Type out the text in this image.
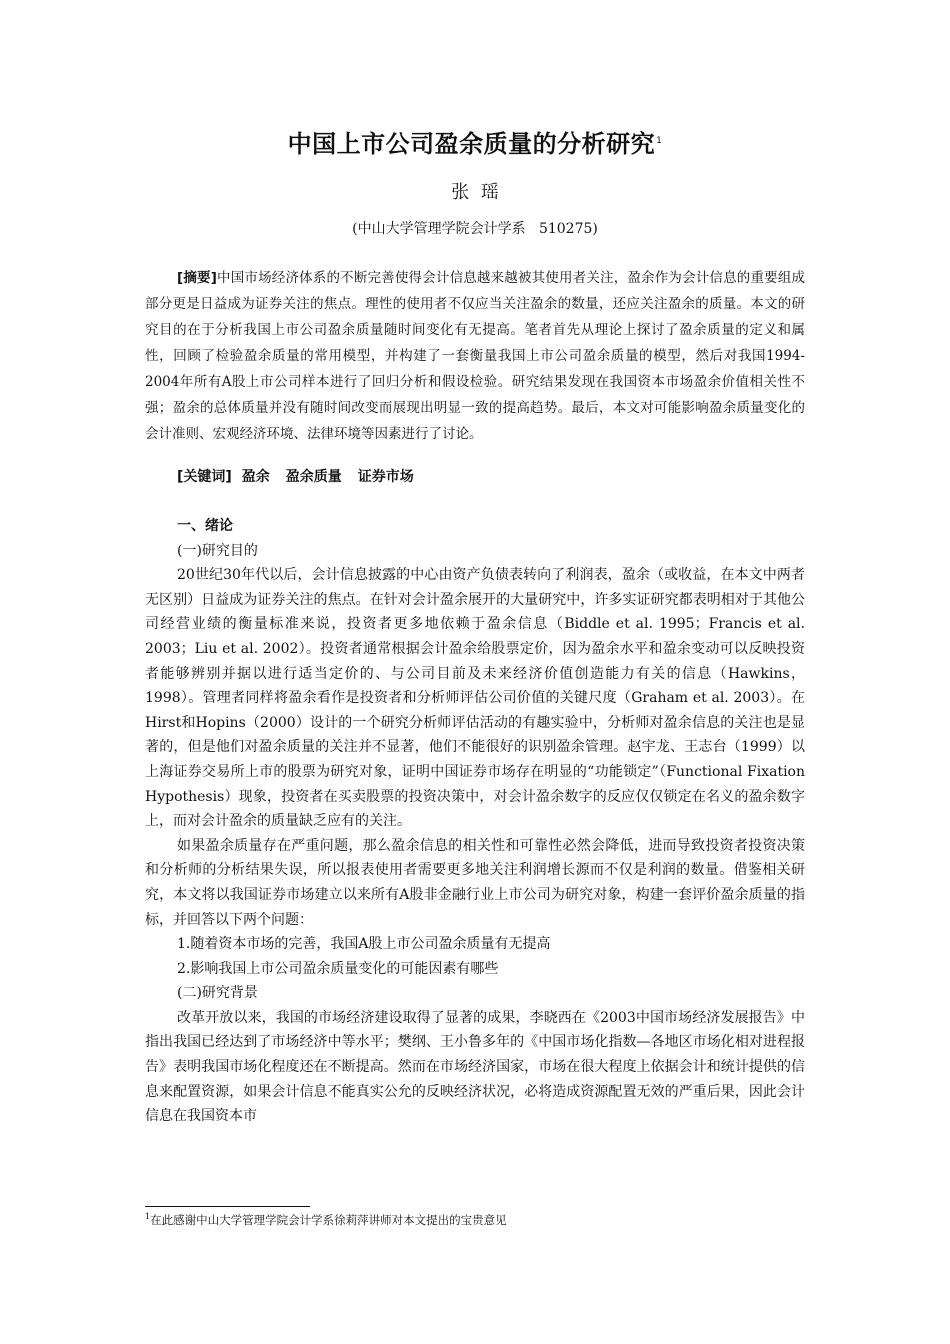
中国上市公司盈余质量的分析研究$^1$
张  瑶
(中山大学管理学院会计学系   510275)

[摘要]中国市场经济体系的不断完善使得会计信息越来越被其使用者关注，盈余作为会计信息的重要组成部分更是日益成为证券关注的焦点。理性的使用者不仅应当关注盈余的数量，还应关注盈余的质量。本文的研究目的在于分析我国上市公司盈余质量随时间变化有无提高。笔者首先从理论上探讨了盈余质量的定义和属性，回顾了检验盈余质量的常用模型，并构建了一套衡量我国上市公司盈余质量的模型，然后对我国1994-2004年所有A股上市公司样本进行了回归分析和假设检验。研究结果发现在我国资本市场盈余价值相关性不强；盈余的总体质量并没有随时间改变而展现出明显一致的提高趋势。最后，本文对可能影响盈余质量变化的会计准则、宏观经济环境、法律环境等因素进行了讨论。

[关键词] 盈余 盈余质量 证券市场

一、绪论

(一)研究目的

20世纪30年代以后，会计信息披露的中心由资产负债表转向了利润表，盈余（或收益，在本文中两者无区别）日益成为证券关注的焦点。在针对会计盈余展开的大量研究中，许多实证研究都表明相对于其他公司经营业绩的衡量标准来说，投资者更多地依赖于盈余信息（Biddle et al. 1995；Francis et al. 2003；Liu et al. 2002）。投资者通常根据会计盈余给股票定价，因为盈余水平和盈余变动可以反映投资者能够辨别并据以进行适当定价的、与公司目前及未来经济价值创造能力有关的信息（Hawkins，1998）。管理者同样将盈余看作是投资者和分析师评估公司价值的关键尺度（Graham et al. 2003）。在Hirst和Hopins（2000）设计的一个研究分析师评估活动的有趣实验中，分析师对盈余信息的关注也是显著的，但是他们对盈余质量的关注并不显著，他们不能很好的识别盈余管理。赵宇龙、王志台（1999）以上海证券交易所上市的股票为研究对象，证明中国证券市场存在明显的“功能锁定”（Functional Fixation Hypothesis）现象，投资者在买卖股票的投资决策中，对会计盈余数字的反应仅仅锁定在名义的盈余数字上，而对会计盈余的质量缺乏应有的关注。

如果盈余质量存在严重问题，那么盈余信息的相关性和可靠性必然会降低，进而导致投资者投资决策和分析师的分析结果失误，所以报表使用者需要更多地关注利润增长源而不仅是利润的数量。借鉴相关研究，本文将以我国证券市场建立以来所有A股非金融行业上市公司为研究对象，构建一套评价盈余质量的指标，并回答以下两个问题：

1.随着资本市场的完善，我国A股上市公司盈余质量有无提高

2.影响我国上市公司盈余质量变化的可能因素有哪些

(二)研究背景

改革开放以来，我国的市场经济建设取得了显著的成果，李晓西在《2003中国市场经济发展报告》中指出我国已经达到了市场经济中等水平；樊纲、王小鲁多年的《中国市场化指数—各地区市场化相对进程报告》表明我国市场化程度还在不断提高。然而在市场经济国家，市场在很大程度上依据会计和统计提供的信息来配置资源，如果会计信息不能真实公允的反映经济状况，必将造成资源配置无效的严重后果，因此会计信息在我国资本市

$^1$在此感谢中山大学管理学院会计学系徐莉萍讲师对本文提出的宝贵意见
